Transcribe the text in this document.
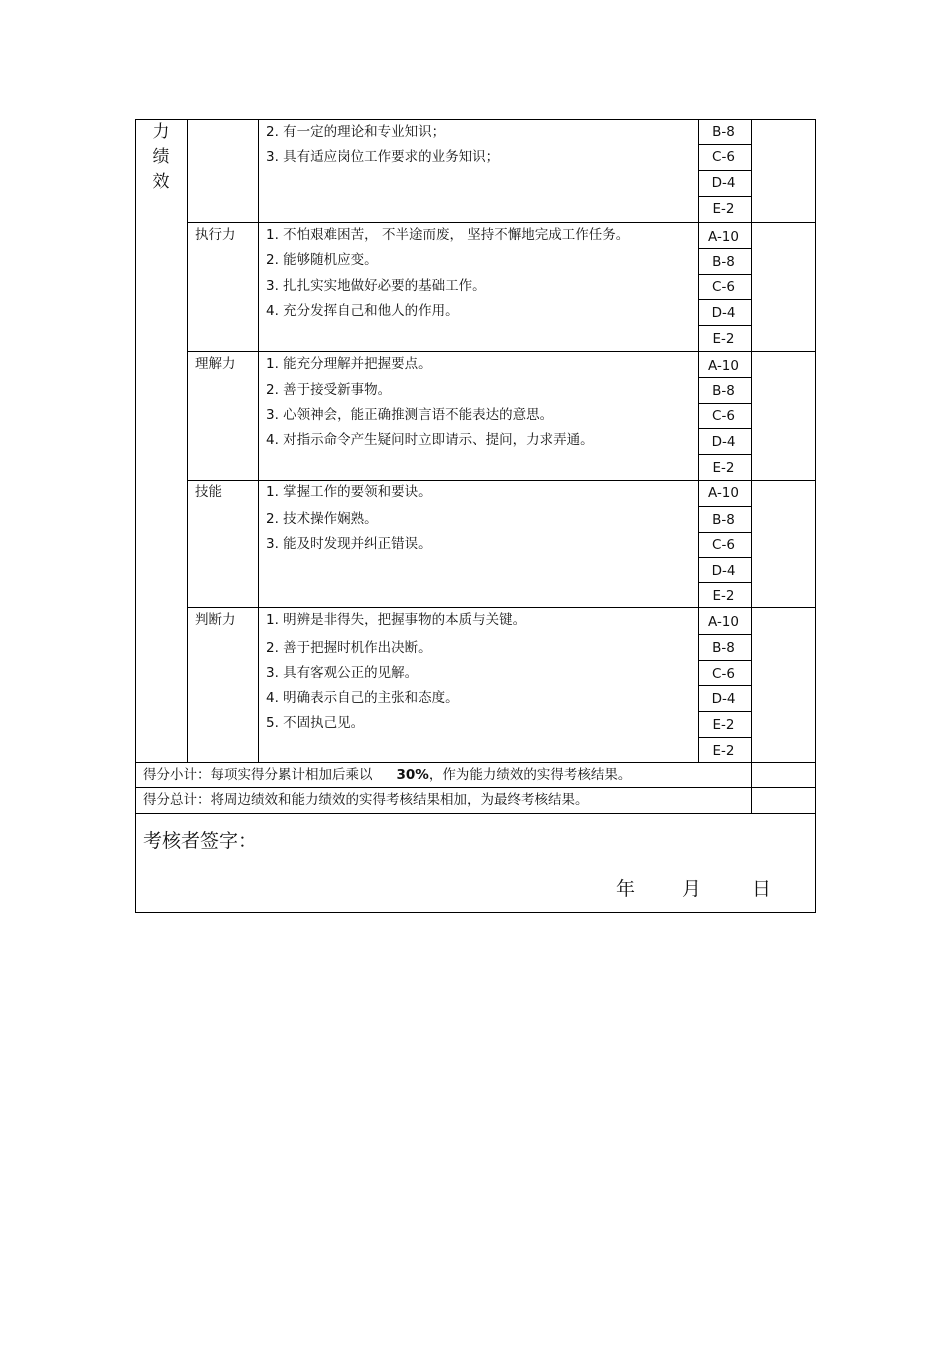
力绩效
2. 有一定的理论和专业知识；
3. 具有适应岗位工作要求的业务知识；
B-8
C-6
D-4
E-2
执行力 1. 不怕艰难困苦， 不半途而废， 坚持不懈地完成工作任务。
2. 能够随机应变。
3. 扎扎实实地做好必要的基础工作。
4. 充分发挥自己和他人的作用。
A-10
B-8
C-6
D-4
E-2
理解力 1. 能充分理解并把握要点。
2. 善于接受新事物。
3. 心领神会，能正确推测言语不能表达的意思。
4. 对指示命令产生疑问时立即请示、提问，力求弄通。
A-10
B-8
C-6
D-4
E-2
技能	1. 掌握工作的要领和要诀。
2. 技术操作娴熟。
3. 能及时发现并纠正错误。
A-10
B-8
C-6
D-4
E-2
判断力 1. 明辨是非得失，把握事物的本质与关键。
2. 善于把握时机作出决断。
3. 具有客观公正的见解。
4. 明确表示自己的主张和态度。
5. 不固执己见。
A-10
B-8
C-6
D-4
E-2
E-2
得分小计：每项实得分累计相加后乘以 30%，作为能力绩效的实得考核结果。
得分总计：将周边绩效和能力绩效的实得考核结果相加，为最终考核结果。
考核者签字：
年 月	日
